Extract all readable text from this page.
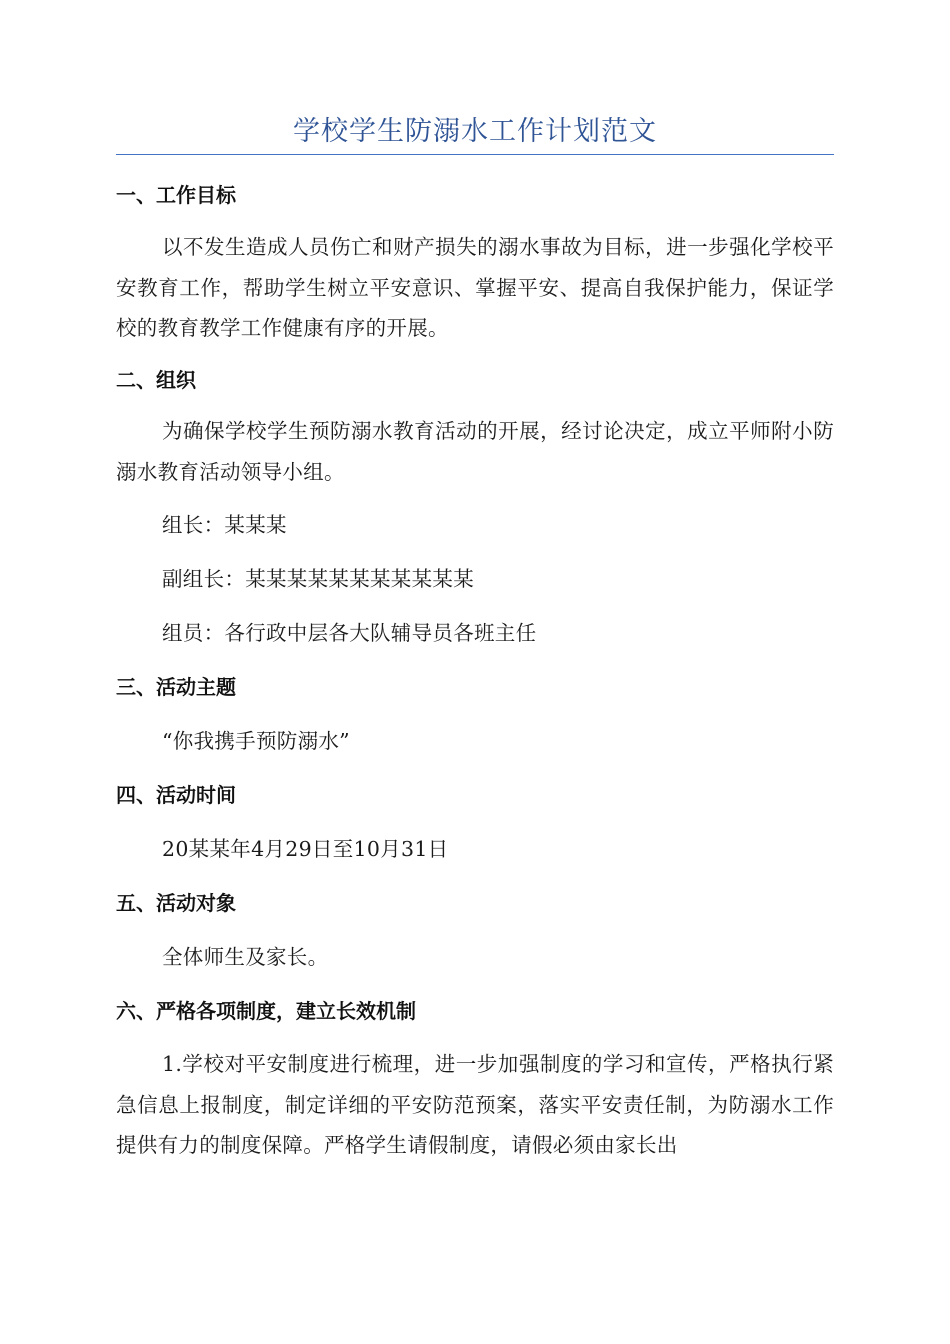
学校学生防溺水工作计划范文
一、工作目标
以不发生造成人员伤亡和财产损失的溺水事故为目标，进一步强化学校平安教育工作，帮助学生树立平安意识、掌握平安、提高自我保护能力，保证学校的教育教学工作健康有序的开展。
二、组织
为确保学校学生预防溺水教育活动的开展，经讨论决定，成立平师附小防溺水教育活动领导小组。
组长：某某某
副组长：某某某某某某某某某某某
组员：各行政中层各大队辅导员各班主任
三、活动主题
“你我携手预防溺水”
四、活动时间
20某某年4月29日至10月31日
五、活动对象
全体师生及家长。
六、严格各项制度，建立长效机制
1.学校对平安制度进行梳理，进一步加强制度的学习和宣传，严格执行紧急信息上报制度，制定详细的平安防范预案，落实平安责任制，为防溺水工作提供有力的制度保障。严格学生请假制度，请假必须由家长出
